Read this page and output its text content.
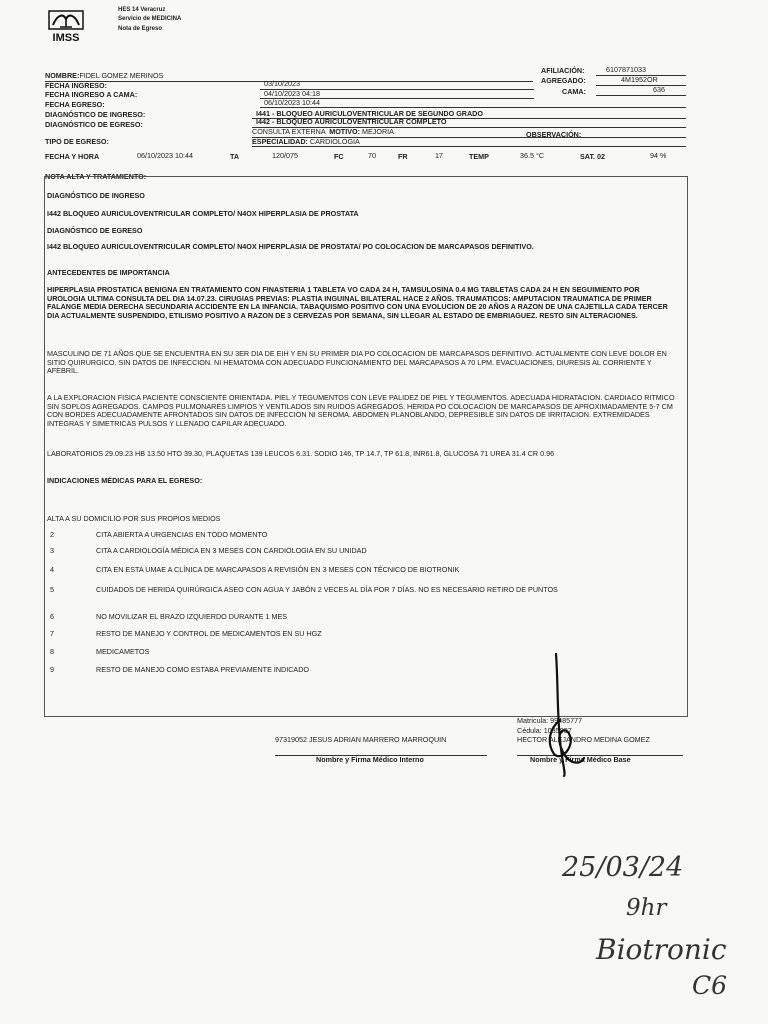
IMSS
HES 14 Veracruz
Servicio de MEDICINA
Nota de Egreso
NOMBRE:FIDEL GOMEZ MERINOS
AFILIACIÓN:	6107871033
AGREGADO:	4M1952OR
CAMA:	636
FECHA INGRESO:	03/10/2023
FECHA INGRESO A CAMA:	04/10/2023 04:18
FECHA EGRESO:	06/10/2023 10:44
DIAGNÓSTICO DE INGRESO:	I441 - BLOQUEO AURICULOVENTRICULAR DE SEGUNDO GRADO
DIAGNÓSTICO DE EGRESO:	I442 - BLOQUEO AURICULOVENTRICULAR COMPLETO
TIPO DE EGRESO:
CONSULTA EXTERNA MOTIVO: MEJORIA	OBSERVACIÓN:
ESPECIALIDAD: CARDIOLOGIA
FECHA Y HORA	06/10/2023 10:44	TA	120/075	FC	70	FR	17	TEMP	36.5 °C	SAT. 02	94 %
NOTA ALTA Y TRATAMIENTO:
DIAGNÓSTICO DE INGRESO
I442 BLOQUEO AURICULOVENTRICULAR COMPLETO/ N4OX HIPERPLASIA DE PROSTATA
DIAGNÓSTICO DE EGRESO
I442 BLOQUEO AURICULOVENTRICULAR COMPLETO/ N4OX HIPERPLASIA DE PROSTATA/ PO COLOCACION DE MARCAPASOS DEFINITIVO.
ANTECEDENTES DE IMPORTANCIA
HIPERPLASIA PROSTATICA BENIGNA EN TRATAMIENTO CON FINASTERIA 1 TABLETA VO CADA 24 H, TAMSULOSINA 0.4 MG TABLETAS CADA 24 H EN SEGUIMIENTO POR UROLOGIA ULTIMA CONSULTA DEL DIA 14.07.23. CIRUGIAS PREVIAS: PLASTIA INGUINAL BILATERAL HACE 2 AÑOS. TRAUMATICOS: AMPUTACION TRAUMATICA DE PRIMER FALANGE MEDIA DERECHA SECUNDARIA ACCIDENTE EN LA INFANCIA. TABAQUISMO POSITIVO CON UNA EVOLUCION DE 20 AÑOS A RAZON DE UNA CAJETILLA CADA TERCER DIA ACTUALMENTE SUSPENDIDO, ETILISMO POSITIVO A RAZON DE 3 CERVEZAS POR SEMANA, SIN LLEGAR AL ESTADO DE EMBRIAGUEZ. RESTO SIN ALTERACIONES.
MASCULINO DE 71 AÑOS QUE SE ENCUENTRA EN SU 3ER DIA DE EIH Y EN SU PRIMER DIA PO COLOCACION DE MARCAPASOS DEFINITIVO. ACTUALMENTE CON LEVE DOLOR EN SITIO QUIRURGICO. SIN DATOS DE INFECCION. NI HEMATOMA CON ADECUADO FUNCIONAMIENTO DEL MARCAPASOS A 70 LPM. EVACUACIONES, DIURESIS AL CORRIENTE Y AFEBRIL.
A LA EXPLORACION FISICA PACIENTE CONSCIENTE ORIENTADA. PIEL Y TEGUMENTOS CON LEVE PALIDEZ DE PIEL Y TEGUMENTOS. ADECUADA HIDRATACION. CARDIACO RITMICO SIN SOPLOS AGREGADOS. CAMPOS PULMONARES LIMPIOS Y VENTILADOS SIN RUIDOS AGREGADOS. HERIDA PO COLOCACION DE MARCAPASOS DE APROXIMADAMENTE 5-7 CM CON BORDES ADECUADAMENTE AFRONTADOS SIN DATOS DE INFECCION NI SEROMA. ABDOMEN PLANOBLANDO, DEPRESIBLE SIN DATOS DE IRRITACION. EXTREMIDADES INTEGRAS Y SIMETRICAS PULSOS Y LLENADO CAPILAR ADECUADO.
LABORATORIOS 29.09.23 HB 13.50 HTO 39.30, PLAQUETAS 139 LEUCOS 6.31. SODIO 146, TP 14.7, TP 61.8, INR61.8, GLUCOSA 71 UREA 31.4 CR 0.96
INDICACIONES MÉDICAS PARA EL EGRESO:
ALTA A SU DOMICILIO POR SUS PROPIOS MEDIOS
2	CITA ABIERTA A URGENCIAS EN TODO MOMENTO
3	CITA A CARDIOLOGÍA MÉDICA EN 3 MESES CON CARDIOLOGIA EN SU UNIDAD
4	CITA EN ESTA UMAE A CLÍNICA DE MARCAPASOS A REVISIÓN EN 3 MESES CON TÉCNICO DE BIOTRONIK
5	CUIDADOS DE HERIDA QUIRÚRGICA ASEO CON AGUA Y JABÓN 2 VECES AL DÍA POR 7 DÍAS. NO ES NECESARIO RETIRO DE PUNTOS
6	NO MOVILIZAR EL BRAZO IZQUIERDO DURANTE 1 MES
7	RESTO DE MANEJO Y CONTROL DE MEDICAMENTOS EN SU HGZ
8	MEDICAMETOS
9	RESTO DE MANEJO COMO ESTABA PREVIAMENTE INDICADO
97319052 JESUS ADRIAN MARRERO MARROQUIN
Nombre y Firma Médico Interno
Matricula: 99485777
Cédula: 1035097
HECTOR ALEJANDRO MEDINA GOMEZ
Nombre y Firma Médico Base
25/03/24
9hr
Biotronic
C6
